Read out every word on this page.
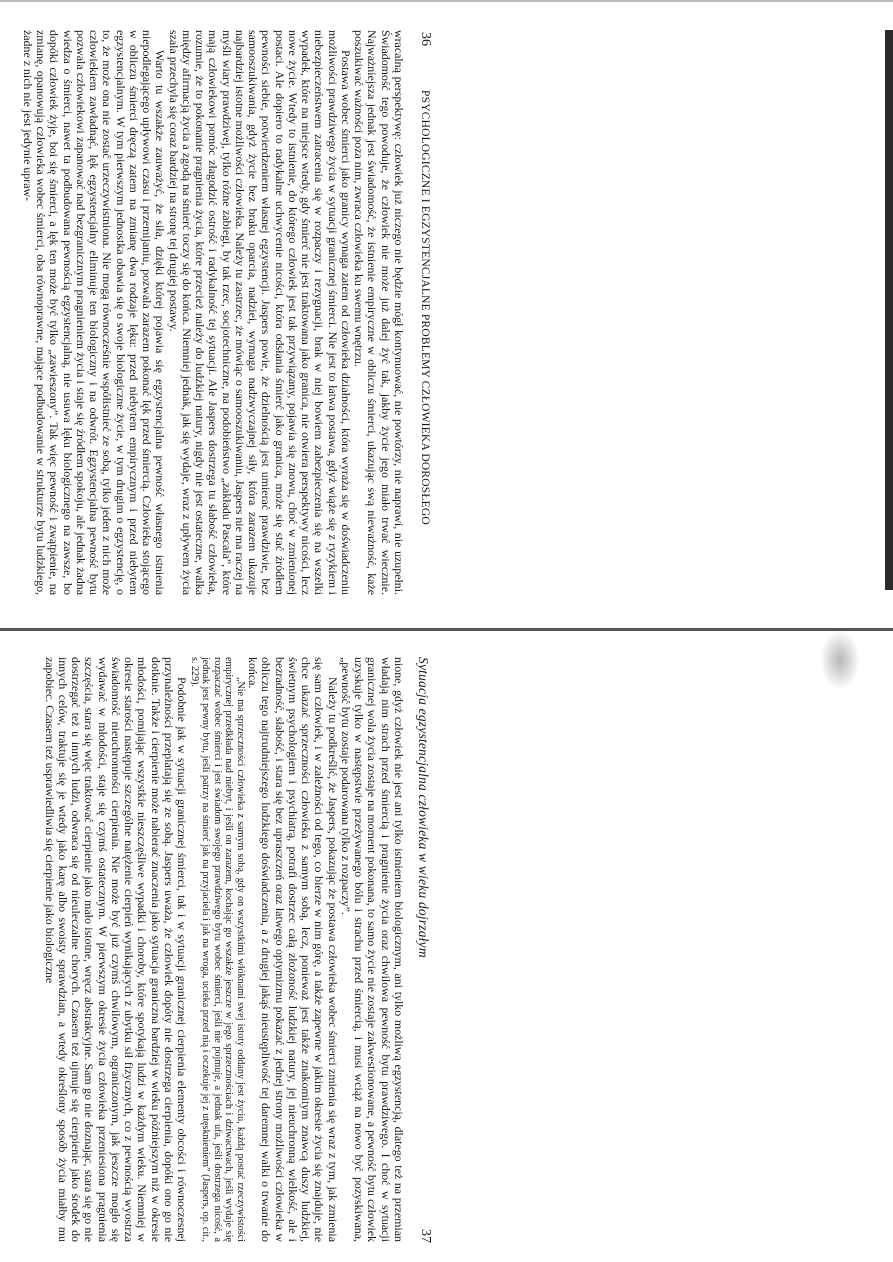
36
PSYCHOLOGICZNE I EGZYSTENCJALNE PROBLEMY CZŁOWIEKA DOROSŁEGO

wracalną perspektywę: człowiek już niczego nie będzie mógł kontynuować, nie powtórzy, nie naprawi, nie uzupełni. Świadomość tego powoduje, że człowiek nie może już dalej żyć tak, jakby życie jego miało trwać wiecznie. Najważniejsza jednak jest świadomość, że istnienie empiryczne w obliczu śmierci, ukazując swą nieważność, każe poszukiwać ważności poza nim, zwraca człowieka ku swemu wnętrzu.

Postawa wobec śmierci jako granicy wynaga zatem od człowieka działności, która wyraża się w doświadczeniu możliwości prawdziwego życia w sytuacji granicznej śmierci. Nie jest to łatwa postawa, gdyż wiąże się z ryzykiem i niebezpieczeństwem zatracenia się w rozpaczy i rezygnacji, brak w niej bowiem zabezpieczenia się na wszelki wypadek, które na miejsce wtedy, gdy śmierć nie jest traktowana jako granica, nie otwiera perspektywy nicości, lecz nowe życie. Wtedy to istnienie, do którego człowiek jest tak przywiązany, pojawia się znowu, choć w zmienionej postaci. Ale dopiero to radykalne uchwycenie nicości, która odsłania śmierć jako granica, może się stać źródłem pewności siebie, potwierdzeniem własnej egzystencji. Jaspers powie, że dzielnością jest umierać prawdziwie, bez samooszukiwania, gdyż życie bez braku oparcia, nadziei, wymaga nadzwyczajnej siły, która zarazem ukazuje najbardziej istotne możliwości człowieka. Należy tu zastrzec, że mówiąc o samooszukiwaniu, Jaspers nie ma raczej na myśli wiary prawdziwej, tylko różne zabiegi, by tak rzec, socjotechniczne, na podobieństwo „zakładu Pascala”, które mają człowiekowi pomóc złagodzić ostrość i radykalność tej sytuacji. Ale Jaspers dostrzega tu słabość człowieka, rozumie, że to pokonanie pragnienia życia, które przecież należy do ludzkiej natury, nigdy nie jest ostateczne, walka między afirmacją życia a zgodą na śmierć toczy się do końca. Niemniej jednak, jak się wydaje, wraz z upływem życia szala przechyla się coraz bardziej na stronę tej drugiej postawy.

Warto tu wszakże zauważyć, że siła, dzięki której pojawia się egzystencjalna pewność własnego istnienia niepodlegającego upływowi czasu i przemijaniu, pozwala zarazem pokonać lęk przed śmiercią. Człowieka stojącego w obliczu śmierci dręczą zatem na zmianę dwa rodzaje lęku: przed niebytem empirycznym i przed niebytem egzystencjalnym. W tym pierwszym jednostka obawia się o swoje biologiczne życie, w tym drugim o egzystencję, o to, że może ona nie zostać urzeczywistniona. Nie mogą równocześnie współistnieć ze sobą, tylko jeden z nich może człowiekiem zawładnąć, lęk egzystencjalny eliminuje ten biologiczny i na odwrót. Egzystencjalna pewność bytu pozwala człowiekowi zapanować nad bezgranicznym pragnieniem życia i staje się źródłem spokoju, ale jednak żadna wiedza o śmierci, nawet ta podbudowana pewnością egzystencjalną, nie usuwa lęku biologicznego na zawsze, bo dopóki człowiek żyje, boi się śmierci, a lęk ten może być tylko „zawieszony”. Tak więc pewność i zwątpienie, na zmianę, opanowują człowieka wobec śmierci, oba równoprawne, mające podbudowanie w strukturze bytu ludzkiego, żadne z nich nie jest jedynie upraw-

Sytuacja egzystencjalna człowieka w wieku dojrzałym
37

nione, gdyż człowiek nie jest ani tylko istnieniem biologicznym, ani tylko możliwą egzystencją, dlatego też na przemian władają nim strach przed śmiercią i pragnienie życia oraz chwilowa pewność bytu prawdziwego. I choć w sytuacji granicznej wola życia zostaje na moment pokonana, to samo życie nie zostaje zakwestionowane, a pewność bytu człowiek uzyskuje tylko w następstwie przeżywanego bólu i strachu przed śmiercią, i musi wciąż na nowo być pozyskiwana, „pewność bytu zostaje podarowana tylko z rozpaczy”.

Należy tu podkreślić, że Jaspers, pokazując że postawa człowieka wobec śmierci zmienia się wraz z tym, jak zmienia się sam człowiek, i w zależności od tego, co bierze w nim górę, a także zapewne w jakim okresie życia się znajduje, nie chce ukazać sprzeczności człowieka z samym sobą, lecz, ponieważ jest także znakomitym znawcą duszy ludzkiej, świetnym psychologiem i psychiatrą, potrafi dostrzec całą złożoność ludzkiej natury, jej nieuchronną wielkość, ale i bezradność, słabość, i stara się bez upraszczeń oraz łatwego optymizmu pokazać z jednej strony możliwości człowieka w obliczu tego najtrudniejszego ludzkiego doświadczenia, a z drugiej jakąś nieustępliwość tej daremnej walki o trwanie do końca.

„Nie ma sprzeczności człowieka z samym sobą, gdy on wszystkimi włóknami swej istoty oddany jest życiu, każdą postać rzeczywistości empirycznej przedkłada nad niebyt, i jeśli on zarazem, kochając go wszakże jeszcze w jego sprzecznościach i dziwactwach, jeśli wydaje się rozpaczać wobec śmierci i jest świadom swojego prawdziwego bytu wobec śmierci, jeśli nie pojmuje, a jednak ufa, jeśli dostrzega nicość, a jednak jest pewny bytu, jeśli patrzy na śmierć jak na przyjaciela i jak na wroga, ucieka przed nią i oczekuje jej z utęsknieniem” (Jaspers, op. cit., s. 229).

Podobnie jak w sytuacji granicznej śmierci, tak i w sytuacji granicznej cierpienia elementy obcości i równoczesnej przynależności przeplatają się ze sobą. Jaspers uważa, że człowiek dopóty nie dostrzega cierpienia, dopóki ono go nie dotknie. Także i cierpienie może nabierać znaczenia jako sytuacja graniczna bardziej w wieku późniejszym niż w okresie młodości, pomijając wszystkie nieszczęśliwe wypadki i choroby, które spotykają ludzi w każdym wieku. Niemniej w okresie starości następuje szczególne natężenie cierpień wynikających z ubytku sił fizycznych, co z pewnością wyostrza świadomość nieuchronności cierpienia. Nie może być już czymś chwilowym, ograniczonym, jak jeszcze mogło się wydawać w młodości, staje się czymś ostatecznym. W pierwszym okresie życia człowieka przeniesiona pragnienia szczęścia, stara się więc traktować cierpienie jako mało istotne, wręcz abstrakcyjne. Sam go nie doznając, stara się go nie dostrzegać też u innych ludzi, odwraca się od nieuleczalne chorych. Czasem też ujmuje się cierpienie jako środek do innych celów, traktuje się je wtedy jako karę albo swoisty sprawdzian, a wtedy określony sposób życia miałby mu zapobiec. Czasem też usprawiedliwia się cierpienie jako biologiczne
